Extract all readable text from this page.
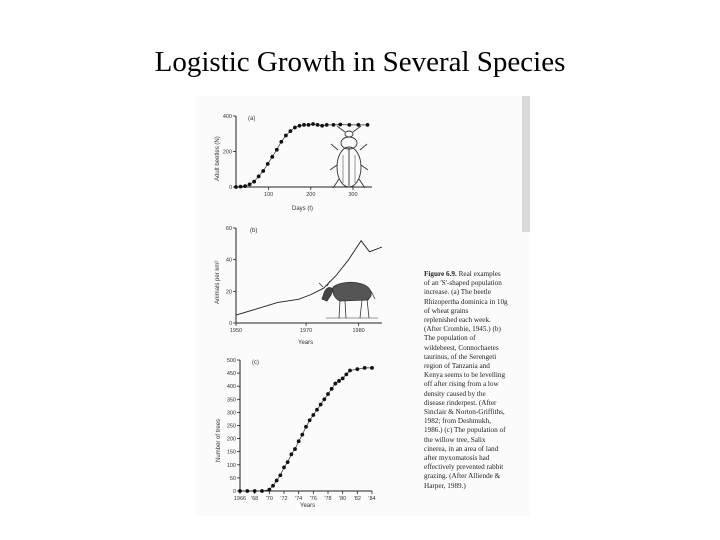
Logistic Growth in Several Species
(a)
400
200
0
100	200	300
Days (t)
Adult beetles (N)
(b)
60
40
20
0
1950	1970	1980
Years
Animals per km²
(c)
500
450
400
350
300
250
200
150
100
50
0
1966 '68 '70 '72 '74 '76 '78 '80 '82 '84
Years
Number of trees
Figure 6.9. Real examples
of an 'S'-shaped population
increase. (a) The beetle
Rhizopertha dominica in 10g
of wheat grains
replenished each week.
(After Crombie, 1945.) (b)
The population of
wildebeest, Connochaetes
taurinus, of the Serengeti
region of Tanzania and
Kenya seems to be levelling
off after rising from a low
density caused by the
disease rinderpest. (After
Sinclair & Norton-Griffiths,
1982; from Deshmukh,
1986.) (c) The population of
the willow tree, Salix
cinerea, in an area of land
after myxomatosis had
effectively prevented rabbit
grazing. (After Alliende &
Harper, 1989.)
